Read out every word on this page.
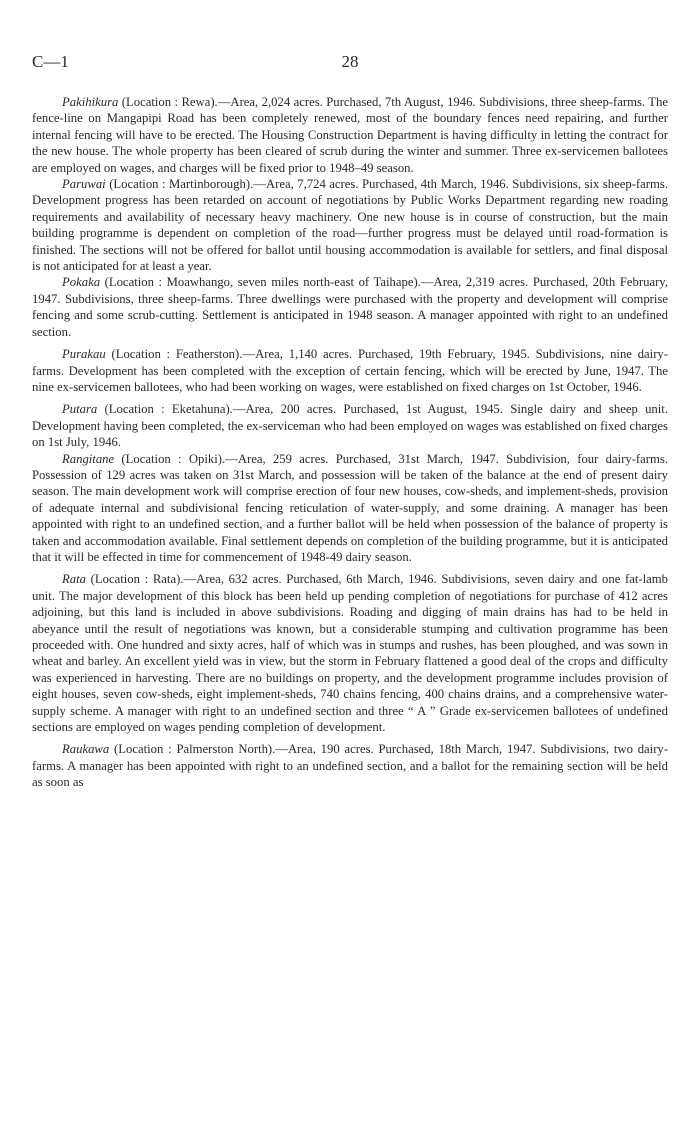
C—1	28

Pakihikura (Location : Rewa).—Area, 2,024 acres. Purchased, 7th August, 1946. Subdivisions, three sheep-farms. The fence-line on Mangapipi Road has been completely renewed, most of the boundary fences need repairing, and further internal fencing will have to be erected. The Housing Construction Department is having difficulty in letting the contract for the new house. The whole property has been cleared of scrub during the winter and summer. Three ex-servicemen ballotees are employed on wages, and charges will be fixed prior to 1948–49 season.

Paruwai (Location : Martinborough).—Area, 7,724 acres. Purchased, 4th March, 1946. Subdivisions, six sheep-farms. Development progress has been retarded on account of negotiations by Public Works Department regarding new roading requirements and availability of necessary heavy machinery. One new house is in course of construction, but the main building programme is dependent on completion of the road—further progress must be delayed until road-formation is finished. The sections will not be offered for ballot until housing accommodation is available for settlers, and final disposal is not anticipated for at least a year.

Pokaka (Location : Moawhango, seven miles north-east of Taihape).—Area, 2,319 acres. Purchased, 20th February, 1947. Subdivisions, three sheep-farms. Three dwellings were purchased with the property and development will comprise fencing and some scrub-cutting. Settlement is anticipated in 1948 season. A manager appointed with right to an undefined section.

Purakau (Location : Featherston).—Area, 1,140 acres. Purchased, 19th February, 1945. Subdivisions, nine dairy-farms. Development has been completed with the exception of certain fencing, which will be erected by June, 1947. The nine ex-servicemen ballotees, who had been working on wages, were established on fixed charges on 1st October, 1946.

Putara (Location : Eketahuna).—Area, 200 acres. Purchased, 1st August, 1945. Single dairy and sheep unit. Development having been completed, the ex-serviceman who had been employed on wages was established on fixed charges on 1st July, 1946.

Rangitane (Location : Opiki).—Area, 259 acres. Purchased, 31st March, 1947. Subdivision, four dairy-farms. Possession of 129 acres was taken on 31st March, and possession will be taken of the balance at the end of present dairy season. The main development work will comprise erection of four new houses, cow-sheds, and implement-sheds, provision of adequate internal and subdivisional fencing reticulation of water-supply, and some draining. A manager has been appointed with right to an undefined section, and a further ballot will be held when possession of the balance of property is taken and accommodation available. Final settlement depends on completion of the building programme, but it is anticipated that it will be effected in time for commencement of 1948-49 dairy season.

Rata (Location : Rata).—Area, 632 acres. Purchased, 6th March, 1946. Subdivisions, seven dairy and one fat-lamb unit. The major development of this block has been held up pending completion of negotiations for purchase of 412 acres adjoining, but this land is included in above subdivisions. Roading and digging of main drains has had to be held in abeyance until the result of negotiations was known, but a considerable stumping and cultivation programme has been proceeded with. One hundred and sixty acres, half of which was in stumps and rushes, has been ploughed, and was sown in wheat and barley. An excellent yield was in view, but the storm in February flattened a good deal of the crops and difficulty was experienced in harvesting. There are no buildings on property, and the development programme includes provision of eight houses, seven cow-sheds, eight implement-sheds, 740 chains fencing, 400 chains drains, and a comprehensive water-supply scheme. A manager with right to an undefined section and three “ A ” Grade ex-servicemen ballotees of undefined sections are employed on wages pending completion of development.

Raukawa (Location : Palmerston North).—Area, 190 acres. Purchased, 18th March, 1947. Subdivisions, two dairy-farms. A manager has been appointed with right to an undefined section, and a ballot for the remaining section will be held as soon as
